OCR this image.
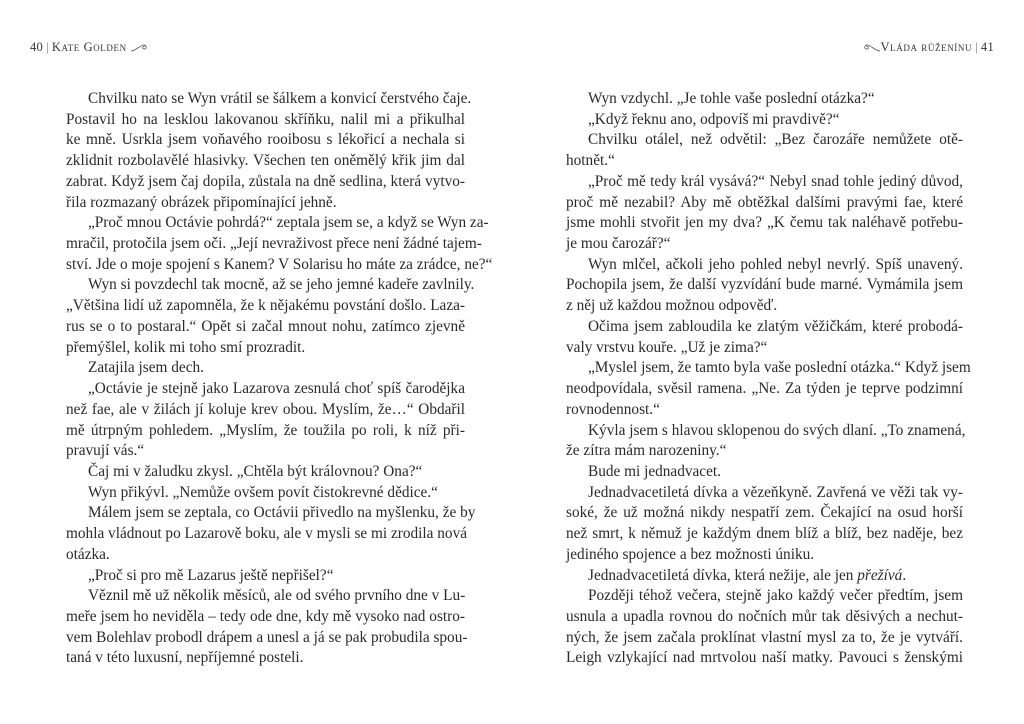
40 | Kate Golden
Chvilku nato se Wyn vrátil se šálkem a konvicí čerstvého čaje.
Postavil ho na lesklou lakovanou skříňku, nalil mi a přikulhal
ke mně. Usrkla jsem voňavého rooibosu s lékořicí a nechala si
zklidnit rozbolavělé hlasivky. Všechen ten oněmělý křik jim dal
zabrat. Když jsem čaj dopila, zůstala na dně sedlina, která vytvo-
řila rozmazaný obrázek připomínající jehně.
„Proč mnou Octávie pohrdá?“ zeptala jsem se, a když se Wyn za-
mračil, protočila jsem oči. „Její nevraživost přece není žádné tajem-
ství. Jde o moje spojení s Kanem? V Solarisu ho máte za zrádce, ne?“
Wyn si povzdechl tak mocně, až se jeho jemné kadeře zavlnily.
„Většina lidí už zapomněla, že k nějakému povstání došlo. Laza-
rus se o to postaral.“ Opět si začal mnout nohu, zatímco zjevně
přemýšlel, kolik mi toho smí prozradit.
Zatajila jsem dech.
„Octávie je stejně jako Lazarova zesnulá choť spíš čarodějka
než fae, ale v žilách jí koluje krev obou. Myslím, že…“ Obdařil
mě útrpným pohledem. „Myslím, že toužila po roli, k níž při-
pravují vás.“
Čaj mi v žaludku zkysl. „Chtěla být královnou? Ona?“
Wyn přikývl. „Nemůže ovšem povít čistokrevné dědice.“
Málem jsem se zeptala, co Octávii přivedlo na myšlenku, že by
mohla vládnout po Lazarově boku, ale v mysli se mi zrodila nová
otázka.
„Proč si pro mě Lazarus ještě nepřišel?“
Věznil mě už několik měsíců, ale od svého prvního dne v Lu-
meře jsem ho neviděla – tedy ode dne, kdy mě vysoko nad ostro-
vem Bolehlav probodl drápem a unesl a já se pak probudila spou-
taná v této luxusní, nepříjemné posteli.
Vláda růženínu | 41
Wyn vzdychl. „Je tohle vaše poslední otázka?“
„Když řeknu ano, odpovíš mi pravdivě?“
Chvilku otálel, než odvětil: „Bez čarozáře nemůžete otě-
hotnět.“
„Proč mě tedy král vysává?“ Nebyl snad tohle jediný důvod,
proč mě nezabil? Aby mě obtěžkal dalšími pravými fae, které
jsme mohli stvořit jen my dva? „K čemu tak naléhavě potřebu-
je mou čarozář?“
Wyn mlčel, ačkoli jeho pohled nebyl nevrlý. Spíš unavený.
Pochopila jsem, že další vyzvídání bude marné. Vymámila jsem
z něj už každou možnou odpověď.
Očima jsem zabloudila ke zlatým věžičkám, které probodá-
valy vrstvu kouře. „Už je zima?“
„Myslel jsem, že tamto byla vaše poslední otázka.“ Když jsem
neodpovídala, svěsil ramena. „Ne. Za týden je teprve podzimní
rovnodennost.“
Kývla jsem s hlavou sklopenou do svých dlaní. „To znamená,
že zítra mám narozeniny.“
Bude mi jednadvacet.
Jednadvacetiletá dívka a vězeňkyně. Zavřená ve věži tak vy-
soké, že už možná nikdy nespatří zem. Čekající na osud horší
než smrt, k němuž je každým dnem blíž a blíž, bez naděje, bez
jediného spojence a bez možnosti úniku.
Jednadvacetiletá dívka, která nežije, ale jen přežívá.
Později téhož večera, stejně jako každý večer předtím, jsem
usnula a upadla rovnou do nočních můr tak děsivých a nechut-
ných, že jsem začala proklínat vlastní mysl za to, že je vytváří.
Leigh vzlykající nad mrtvolou naší matky. Pavouci s ženskými
